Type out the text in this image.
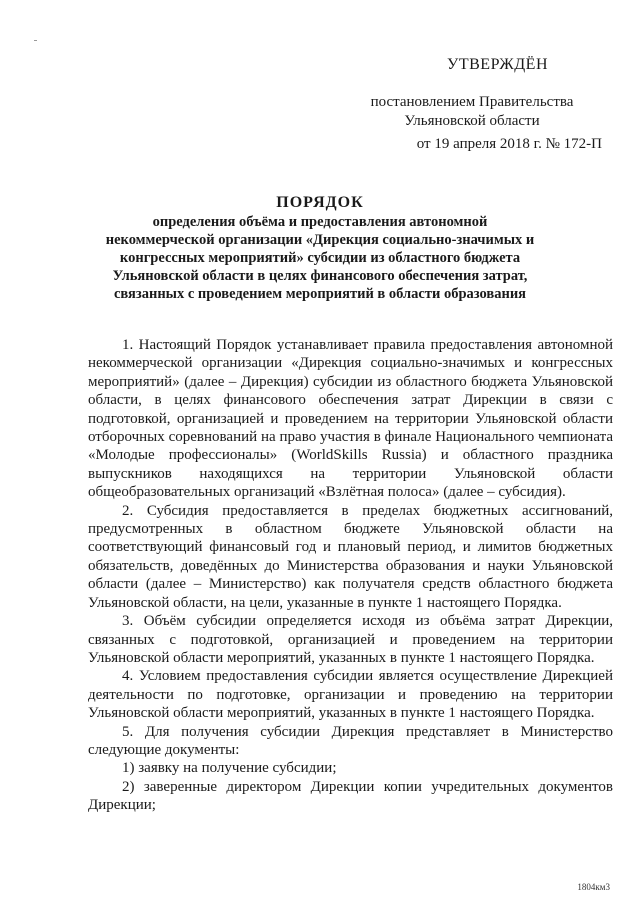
УТВЕРЖДЁН
постановлением Правительства
Ульяновской области
от 19 апреля 2018 г. № 172-П
ПОРЯДОК
определения объёма и предоставления автономной некоммерческой организации «Дирекция социально-значимых и конгрессных мероприятий» субсидии из областного бюджета Ульяновской области в целях финансового обеспечения затрат, связанных с проведением мероприятий в области образования

1. Настоящий Порядок устанавливает правила предоставления автономной некоммерческой организации «Дирекция социально-значимых и конгрессных мероприятий» (далее – Дирекция) субсидии из областного бюджета Ульяновской области, в целях финансового обеспечения затрат Дирекции в связи с подготовкой, организацией и проведением на территории Ульяновской области отборочных соревнований на право участия в финале Национального чемпионата «Молодые профессионалы» (WorldSkills Russia) и областного праздника выпускников находящихся на территории Ульяновской области общеобразовательных организаций «Взлётная полоса» (далее – субсидия).

2. Субсидия предоставляется в пределах бюджетных ассигнований, предусмотренных в областном бюджете Ульяновской области на соответствующий финансовый год и плановый период, и лимитов бюджетных обязательств, доведённых до Министерства образования и науки Ульяновской области (далее – Министерство) как получателя средств областного бюджета Ульяновской области, на цели, указанные в пункте 1 настоящего Порядка.

3. Объём субсидии определяется исходя из объёма затрат Дирекции, связанных с подготовкой, организацией и проведением на территории Ульяновской области мероприятий, указанных в пункте 1 настоящего Порядка.

4. Условием предоставления субсидии является осуществление Дирекцией деятельности по подготовке, организации и проведению на территории Ульяновской области мероприятий, указанных в пункте 1 настоящего Порядка.

5. Для получения субсидии Дирекция представляет в Министерство следующие документы:

1) заявку на получение субсидии;

2) заверенные директором Дирекции копии учредительных документов Дирекции;

1804км3
